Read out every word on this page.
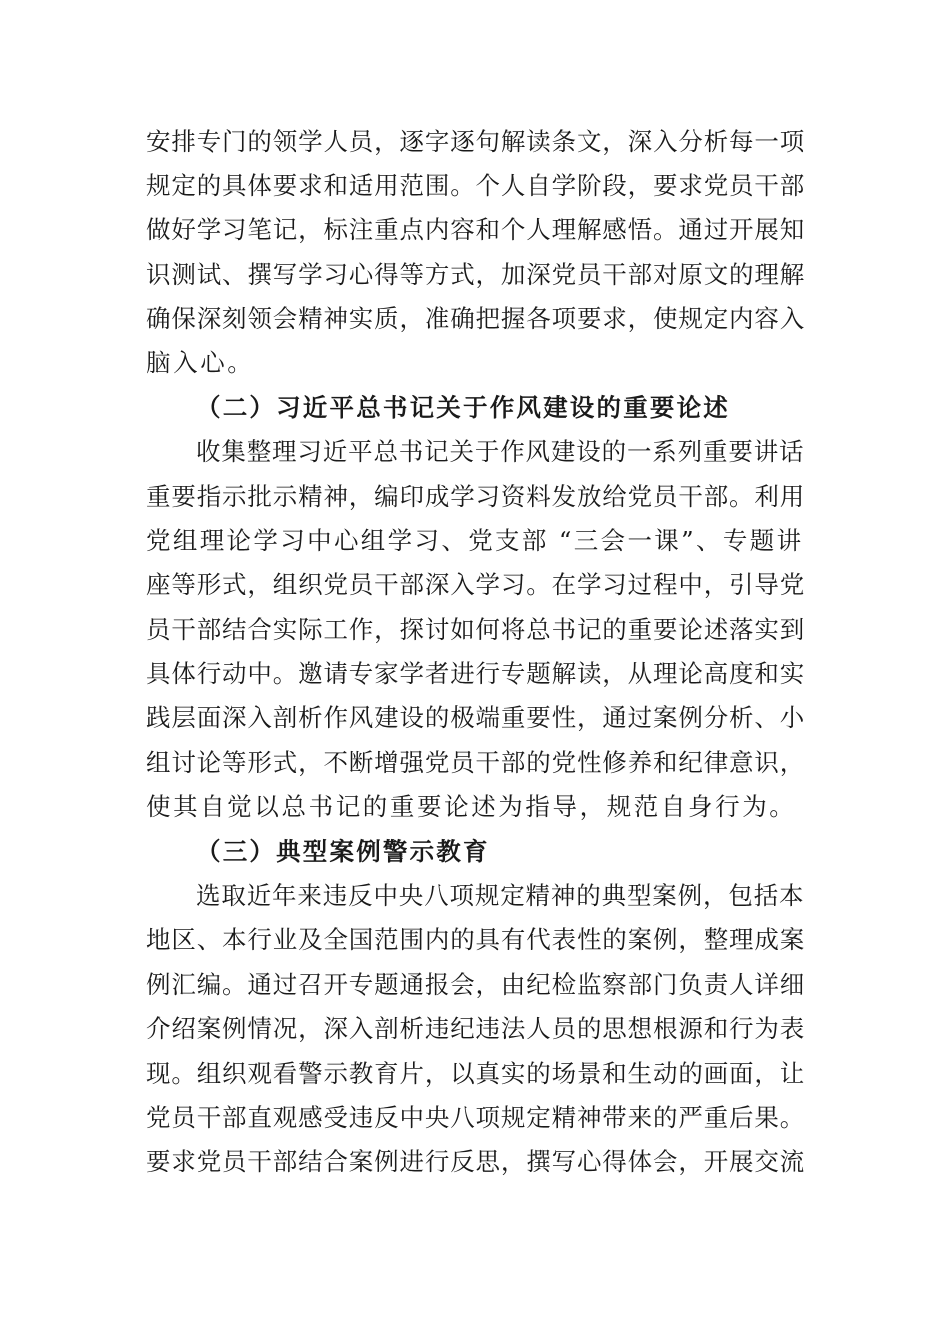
安排专门的领学人员，逐字逐句解读条文，深入分析每一项
规定的具体要求和适用范围。个人自学阶段，要求党员干部
做好学习笔记，标注重点内容和个人理解感悟。通过开展知
识测试、撰写学习心得等方式，加深党员干部对原文的理解
确保深刻领会精神实质，准确把握各项要求，使规定内容入
脑入心。
（二）习近平总书记关于作风建设的重要论述
收集整理习近平总书记关于作风建设的一系列重要讲话
重要指示批示精神，编印成学习资料发放给党员干部。利用
党组理论学习中心组学习、党支部 “三会一课”、专题讲
座等形式，组织党员干部深入学习。在学习过程中，引导党
员干部结合实际工作，探讨如何将总书记的重要论述落实到
具体行动中。邀请专家学者进行专题解读，从理论高度和实
践层面深入剖析作风建设的极端重要性，通过案例分析、小
组讨论等形式，不断增强党员干部的党性修养和纪律意识，
使其自觉以总书记的重要论述为指导，规范自身行为。
（三）典型案例警示教育
选取近年来违反中央八项规定精神的典型案例，包括本
地区、本行业及全国范围内的具有代表性的案例，整理成案
例汇编。通过召开专题通报会，由纪检监察部门负责人详细
介绍案例情况，深入剖析违纪违法人员的思想根源和行为表
现。组织观看警示教育片，以真实的场景和生动的画面，让
党员干部直观感受违反中央八项规定精神带来的严重后果。
要求党员干部结合案例进行反思，撰写心得体会，开展交流
